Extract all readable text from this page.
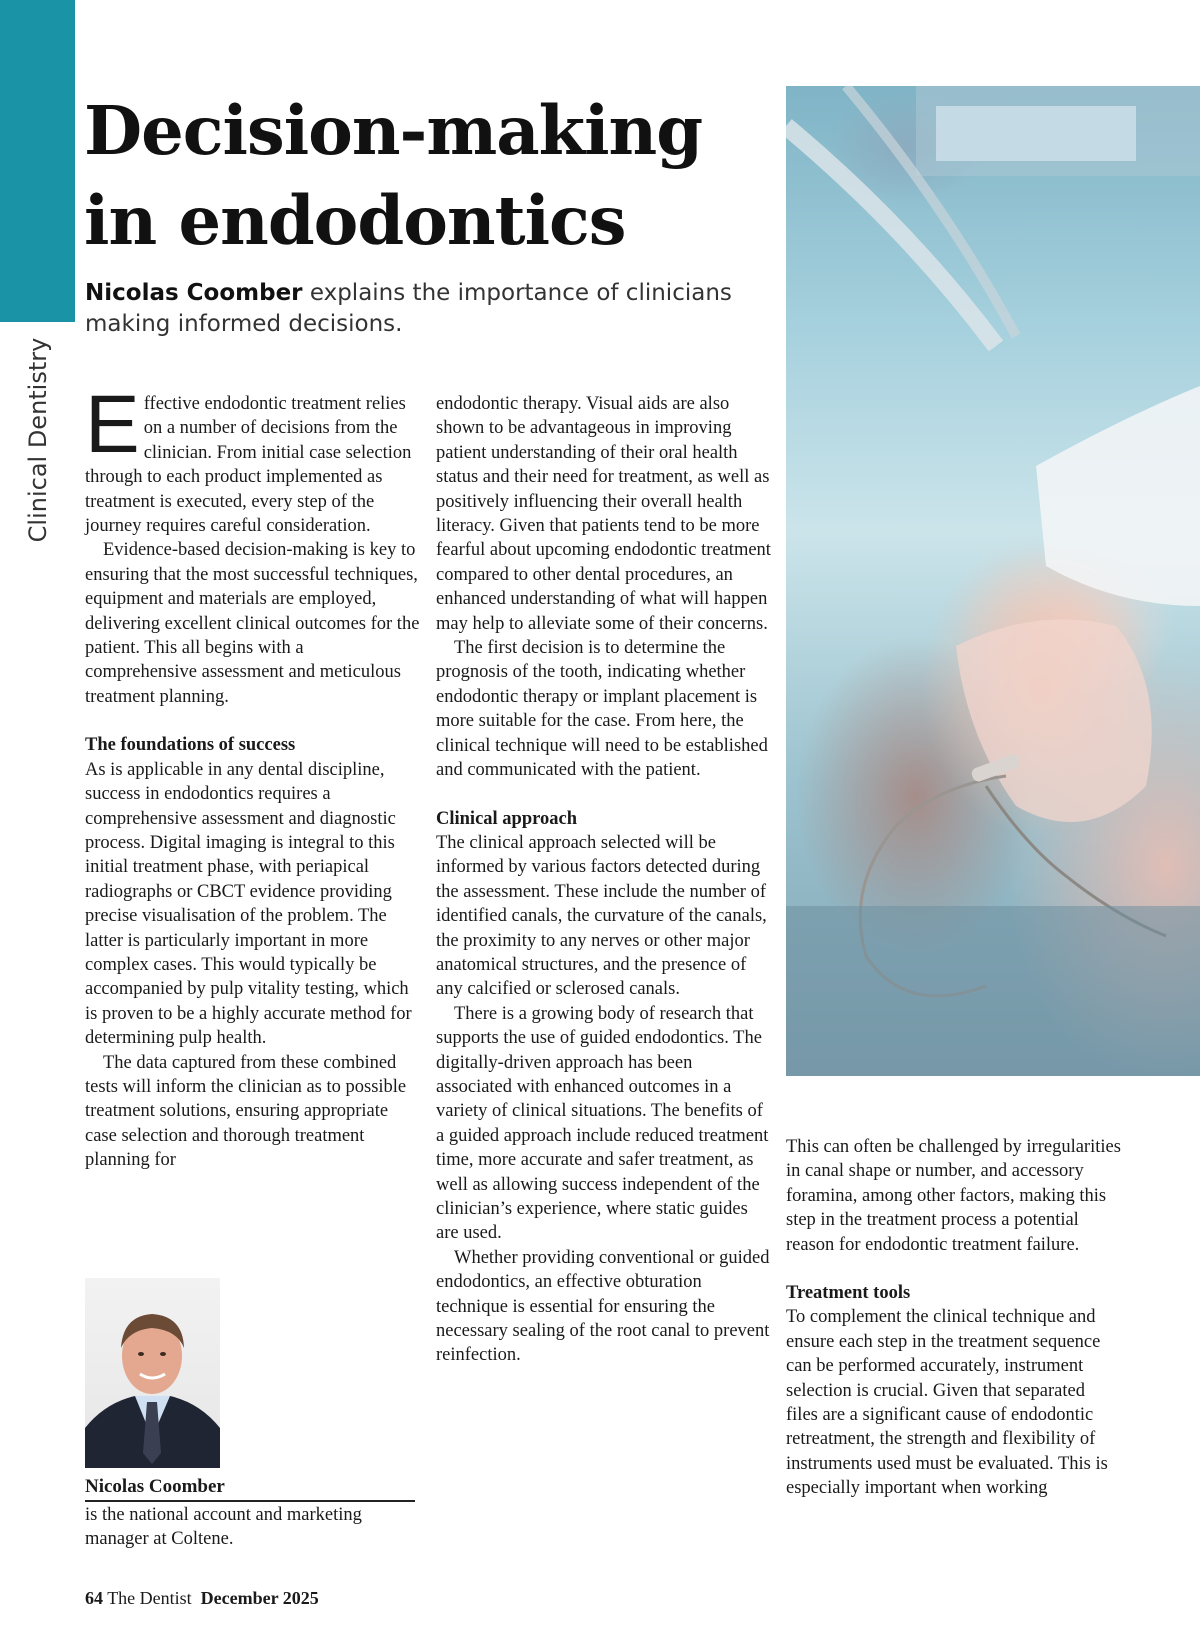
Clinical Dentistry
Decision-making in endodontics

Nicolas Coomber explains the importance of clinicians making informed decisions.

Effective endodontic treatment relies on a number of decisions from the clinician. From initial case selection through to each product implemented as treatment is executed, every step of the journey requires careful consideration.

Evidence-based decision-making is key to ensuring that the most successful techniques, equipment and materials are employed, delivering excellent clinical outcomes for the patient. This all begins with a comprehensive assessment and meticulous treatment planning.

The foundations of success

As is applicable in any dental discipline, success in endodontics requires a comprehensive assessment and diagnostic process. Digital imaging is integral to this initial treatment phase, with periapical radiographs or CBCT evidence providing precise visualisation of the problem. The latter is particularly important in more complex cases. This would typically be accompanied by pulp vitality testing, which is proven to be a highly accurate method for determining pulp health.

The data captured from these combined tests will inform the clinician as to possible treatment solutions, ensuring appropriate case selection and thorough treatment planning for

endodontic therapy. Visual aids are also shown to be advantageous in improving patient understanding of their oral health status and their need for treatment, as well as positively influencing their overall health literacy. Given that patients tend to be more fearful about upcoming endodontic treatment compared to other dental procedures, an enhanced understanding of what will happen may help to alleviate some of their concerns.

The first decision is to determine the prognosis of the tooth, indicating whether endodontic therapy or implant placement is more suitable for the case. From here, the clinical technique will need to be established and communicated with the patient.

Clinical approach

The clinical approach selected will be informed by various factors detected during the assessment. These include the number of identified canals, the curvature of the canals, the proximity to any nerves or other major anatomical structures, and the presence of any calcified or sclerosed canals.

There is a growing body of research that supports the use of guided endodontics. The digitally-driven approach has been associated with enhanced outcomes in a variety of clinical situations. The benefits of a guided approach include reduced treatment time, more accurate and safer treatment, as well as allowing success independent of the clinician’s experience, where static guides are used.

Whether providing conventional or guided endodontics, an effective obturation technique is essential for ensuring the necessary sealing of the root canal to prevent reinfection.

This can often be challenged by irregularities in canal shape or number, and accessory foramina, among other factors, making this step in the treatment process a potential reason for endodontic treatment failure.

Treatment tools

To complement the clinical technique and ensure each step in the treatment sequence can be performed accurately, instrument selection is crucial. Given that separated files are a significant cause of endodontic retreatment, the strength and flexibility of instruments used must be evaluated. This is especially important when working

Nicolas Coomber

is the national account and marketing manager at Coltene.

64 The Dentist December 2025
